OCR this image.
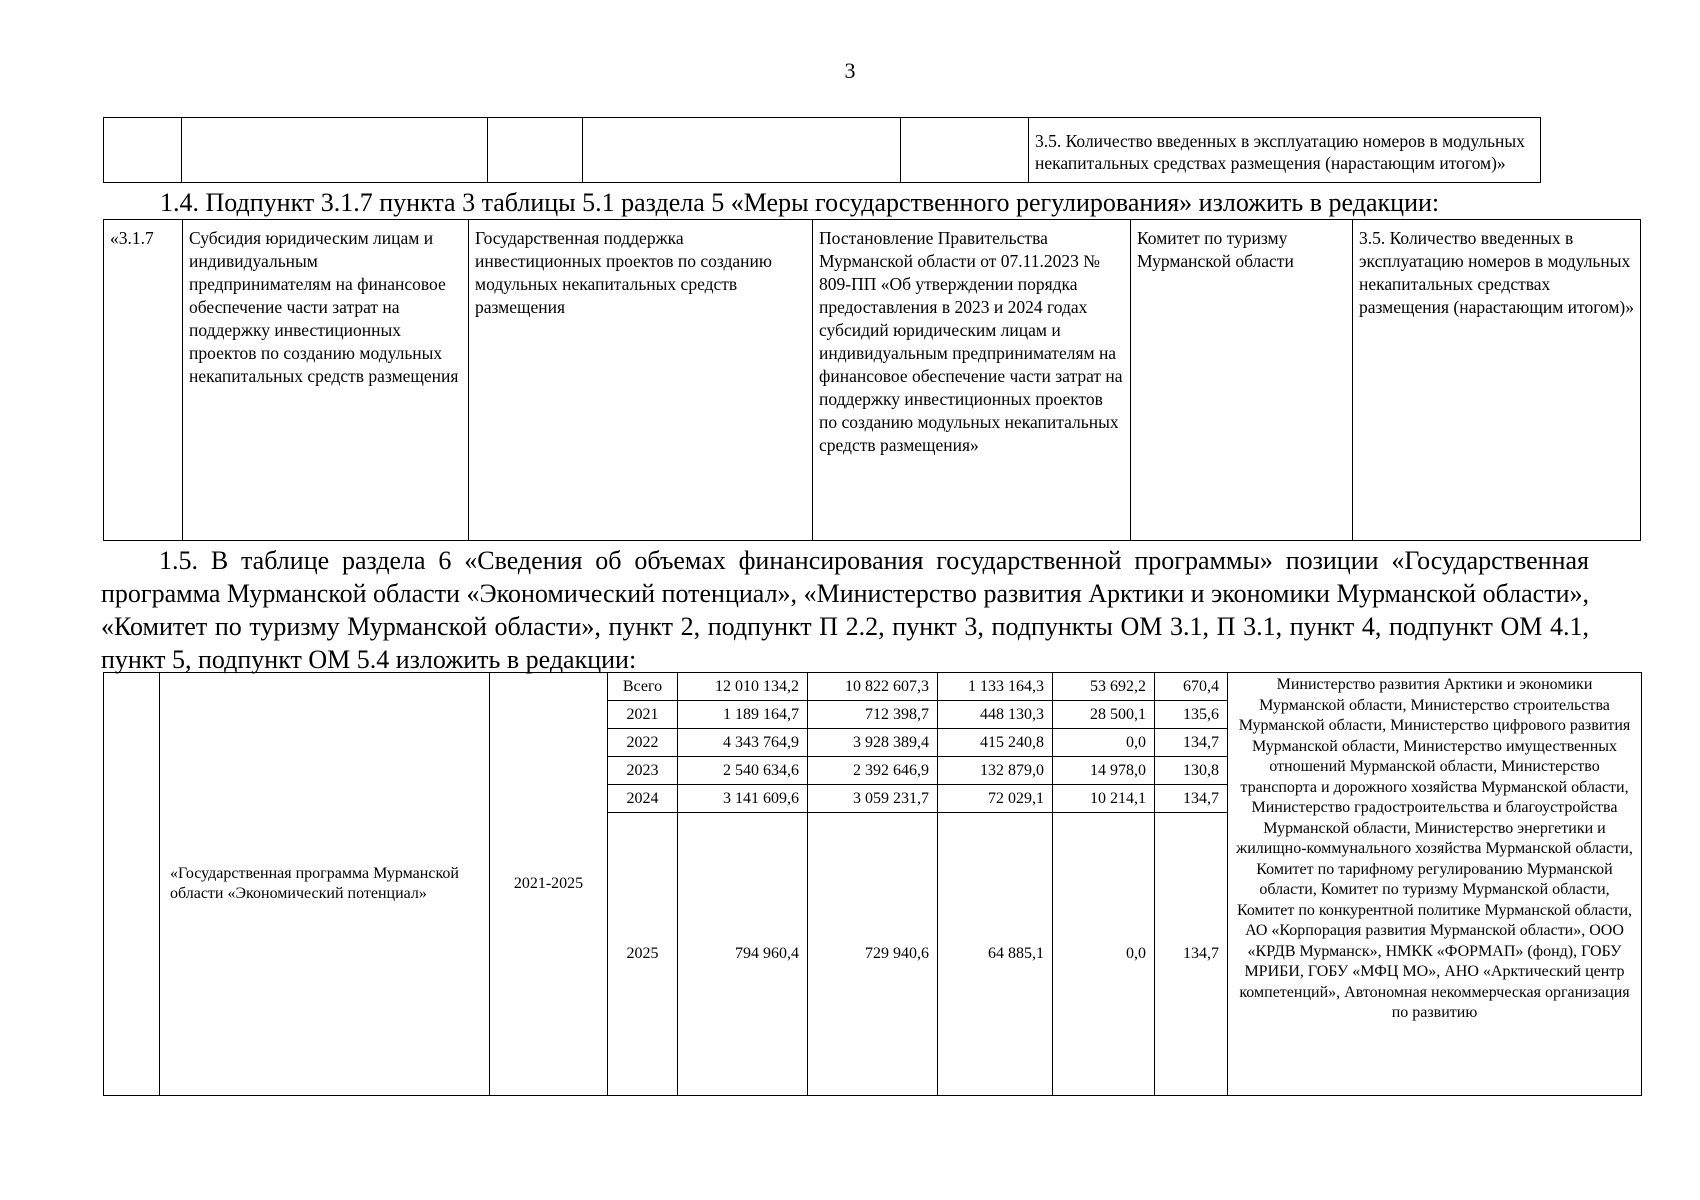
3
					3.5. Количество введенных в эксплуатацию номеров в модульных некапитальных средствах размещения (нарастающим итогом)»

1.4. Подпункт 3.1.7 пункта 3 таблицы 5.1 раздела 5 «Меры государственного регулирования» изложить в редакции:

«3.1.7	Субсидия юридическим лицам и индивидуальным предпринимателям на финансовое обеспечение части затрат на поддержку инвестиционных проектов по созданию модульных некапитальных средств размещения	Государственная поддержка инвестиционных проектов по созданию модульных некапитальных средств размещения	Постановление Правительства Мурманской области от 07.11.2023 № 809-ПП «Об утверждении порядка предоставления в 2023 и 2024 годах субсидий юридическим лицам и индивидуальным предпринимателям на финансовое обеспечение части затрат на поддержку инвестиционных проектов по созданию модульных некапитальных средств размещения»	Комитет по туризму Мурманской области	3.5. Количество введенных в эксплуатацию номеров в модульных некапитальных средствах размещения (нарастающим итогом)»

1.5. В таблице раздела 6 «Сведения об объемах финансирования государственной программы» позиции «Государственная программа Мурманской области «Экономический потенциал», «Министерство развития Арктики и экономики Мурманской области», «Комитет по туризму Мурманской области», пункт 2, подпункт П 2.2, пункт 3, подпункты ОМ 3.1, П 3.1, пункт 4, подпункт ОМ 4.1, пункт 5, подпункт ОМ 5.4 изложить в редакции:

	«Государственная программа Мурманской области «Экономический потенциал»	2021-2025	Всего	12 010 134,2	10 822 607,3	1 133 164,3	53 692,2	670,4	Министерство развития Арктики и экономики Мурманской области, Министерство строительства Мурманской области, Министерство цифрового развития Мурманской области, Министерство имущественных отношений Мурманской области, Министерство транспорта и дорожного хозяйства Мурманской области, Министерство градостроительства и благоустройства Мурманской области, Министерство энергетики и жилищно-коммунального хозяйства Мурманской области, Комитет по тарифному регулированию Мурманской области, Комитет по туризму Мурманской области, Комитет по конкурентной политике Мурманской области, АО «Корпорация развития Мурманской области», ООО «КРДВ Мурманск», НМКК «ФОРМАП» (фонд), ГОБУ МРИБИ, ГОБУ «МФЦ МО», АНО «Арктический центр компетенций», Автономная некоммерческая организация по развитию
			2021	1 189 164,7	712 398,7	448 130,3	28 500,1	135,6	
			2022	4 343 764,9	3 928 389,4	415 240,8	0,0	134,7	
			2023	2 540 634,6	2 392 646,9	132 879,0	14 978,0	130,8	
			2024	3 141 609,6	3 059 231,7	72 029,1	10 214,1	134,7	
			2025	794 960,4	729 940,6	64 885,1	0,0	134,7	
